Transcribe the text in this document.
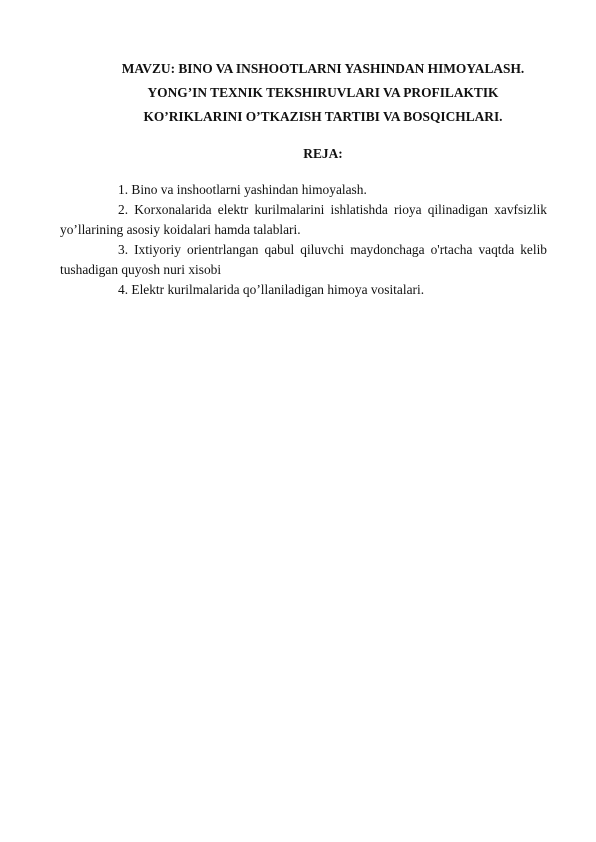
MAVZU: BINO VA INSHOOTLARNI YASHINDAN HIMOYALASH.
YONG’IN TEXNIK TEKSHIRUVLARI VA PROFILAKTIK
KO’RIKLARINI O’TKAZISH TARTIBI VA BOSQICHLARI.
REJA:
1. Bino va inshootlarni yashindan himoyalash.
2. Korxonalarida elektr kurilmalarini ishlatishda rioya qilinadigan xavfsizlik
yo’llarining asosiy koidalari hamda talablari.
3. Ixtiyoriy orientrlangan qabul qiluvchi maydonchaga o'rtacha vaqtda kelib
tushadigan quyosh nuri xisobi
4. Elektr kurilmalarida qo’llaniladigan himoya vositalari.
